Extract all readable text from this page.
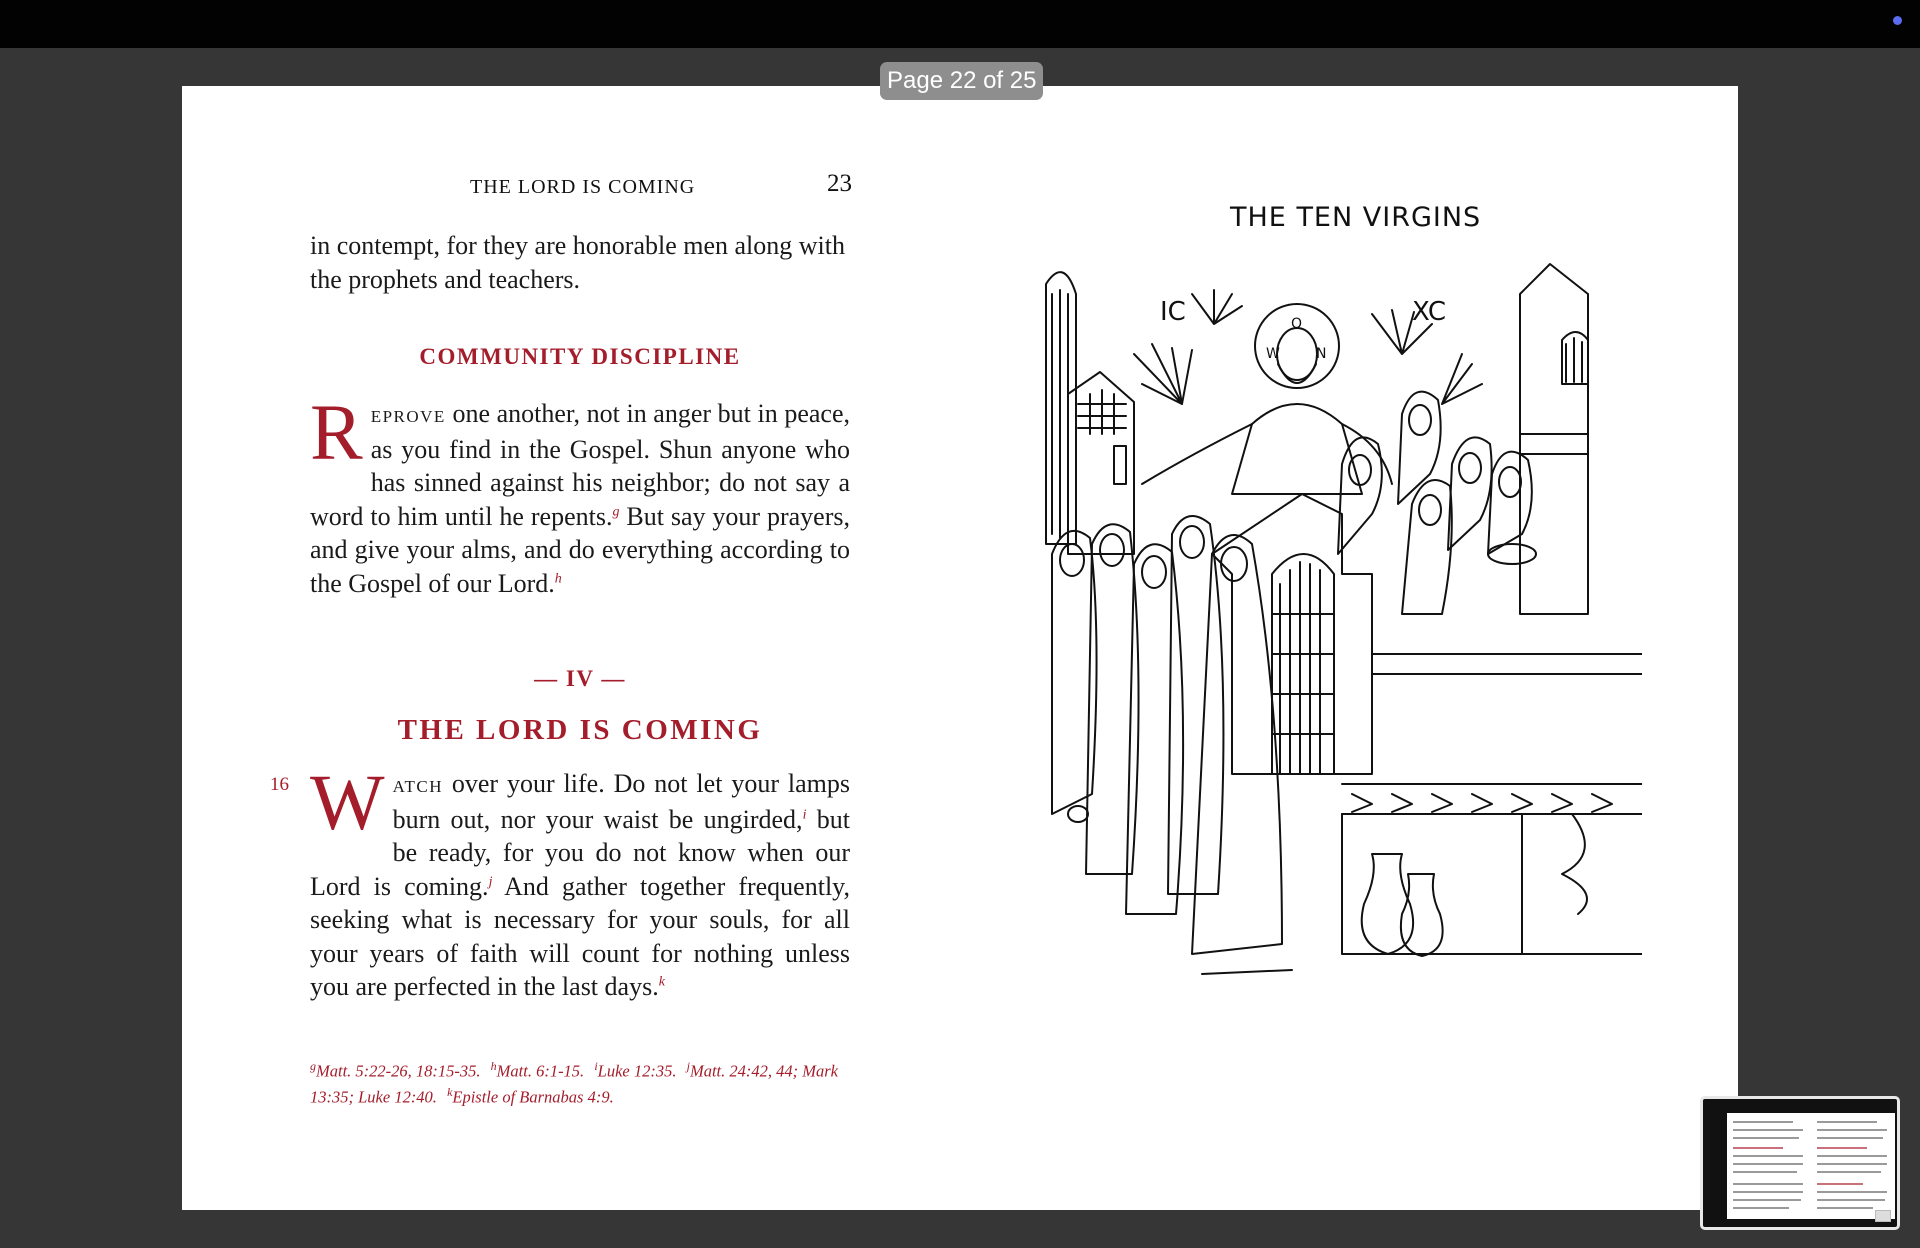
THE LORD IS COMING	23
in contempt, for they are honorable men along with the prophets and teachers.
COMMUNITY DISCIPLINE
Reprove one another, not in anger but in peace, as you find in the Gospel. Shun anyone who has sinned against his neighbor; do not say a word to him until he repents.$^g$ But say your prayers, and give your alms, and do everything according to the Gospel of our Lord.$^h$
— IV —
THE LORD IS COMING
16 Watch over your life. Do not let your lamps burn out, nor your waist be ungirded,$^i$ but be ready, for you do not know when our Lord is coming.$^j$ And gather together frequently, seeking what is necessary for your souls, for all your years of faith will count for nothing unless you are perfected in the last days.$^k$
$^g$Matt. 5:22-26, 18:15-35. $^h$Matt. 6:1-15. $^i$Luke 12:35. $^j$Matt. 24:42, 44; Mark 13:35; Luke 12:40. $^k$Epistle of Barnabas 4:9.
THE TEN VIRGINS
O
W	N
IC	XC
Page 22 of 25
